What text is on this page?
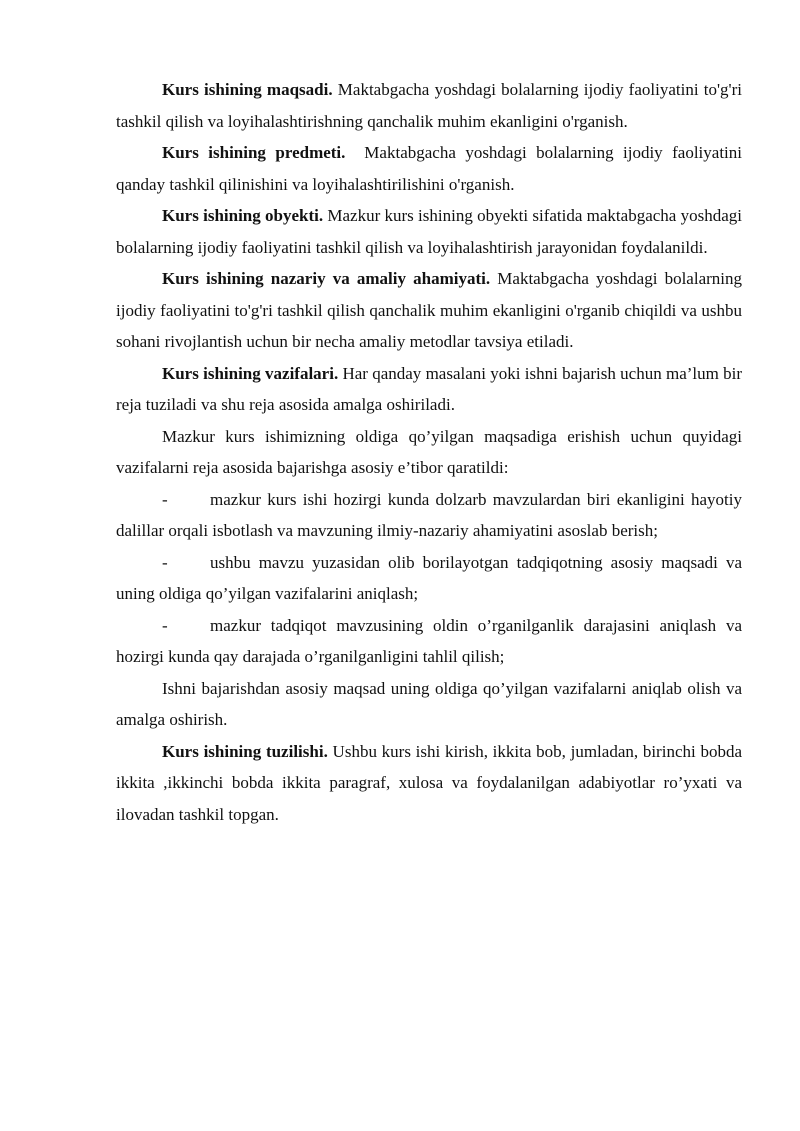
Kurs ishining maqsadi. Maktabgacha yoshdagi bolalarning ijodiy faoliyatini to'g'ri tashkil qilish va loyihalashtirishning qanchalik muhim ekanligini o'rganish.

Kurs ishining predmeti.  Maktabgacha yoshdagi bolalarning ijodiy faoliyatini qanday tashkil qilinishini va loyihalashtirilishini o'rganish.

Kurs ishining obyekti. Mazkur kurs ishining obyekti sifatida maktabgacha yoshdagi bolalarning ijodiy faoliyatini tashkil qilish va loyihalashtirish jarayonidan foydalanildi.

Kurs ishining nazariy va amaliy ahamiyati. Maktabgacha yoshdagi bolalarning ijodiy faoliyatini to'g'ri tashkil qilish qanchalik muhim ekanligini o'rganib chiqildi va ushbu sohani rivojlantish uchun bir necha amaliy metodlar tavsiya etiladi.

Kurs ishining vazifalari. Har qanday masalani yoki ishni bajarish uchun ma’lum bir reja tuziladi va shu reja asosida amalga oshiriladi.

Mazkur kurs ishimizning oldiga qo’yilgan maqsadiga erishish uchun quyidagi vazifalarni reja asosida bajarishga asosiy e’tibor qaratildi:

- mazkur kurs ishi hozirgi kunda dolzarb mavzulardan biri ekanligini hayotiy dalillar orqali isbotlash va mavzuning ilmiy-nazariy ahamiyatini asoslab berish;

- ushbu mavzu yuzasidan olib borilayotgan tadqiqotning asosiy maqsadi va uning oldiga qo’yilgan vazifalarini aniqlash;

- mazkur tadqiqot mavzusining oldin o’rganilganlik darajasini aniqlash va hozirgi kunda qay darajada o’rganilganligini tahlil qilish;

Ishni bajarishdan asosiy maqsad uning oldiga qo’yilgan vazifalarni aniqlab olish va amalga oshirish.

Kurs ishining tuzilishi. Ushbu kurs ishi kirish, ikkita bob, jumladan, birinchi bobda ikkita ,ikkinchi bobda ikkita paragraf, xulosa va foydalanilgan adabiyotlar ro’yxati va ilovadan tashkil topgan.
